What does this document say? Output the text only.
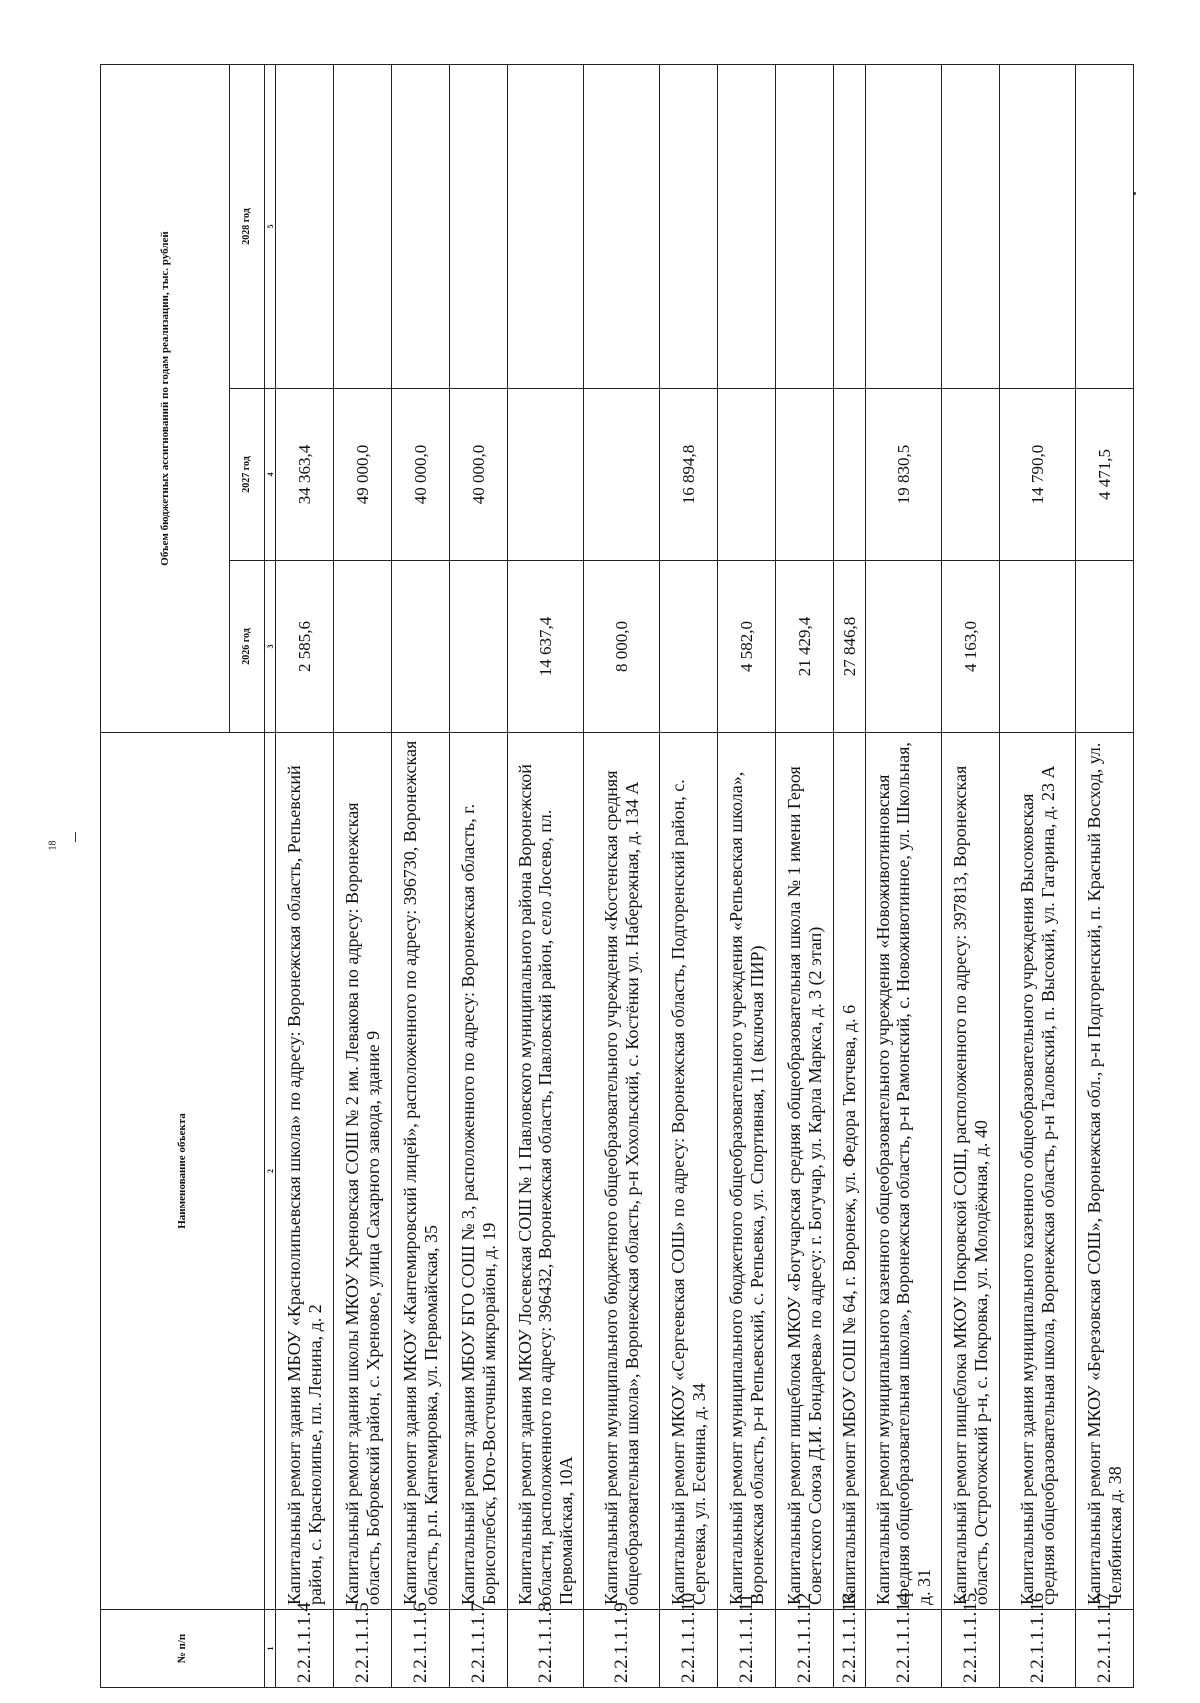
18
№ п/п	Наименование объекта	Объем бюджетных ассигнований по годам реализации, тыс. рублей		
		2026 год	2027 год	2028 год
1	2	3	4	5
2.2.1.1.1.4	Капитальный ремонт здания МБОУ «Краснолипьевская школа» по адресу: Воронежская область, Репьевский район, с. Краснолипье, пл. Ленина, д. 2	2 585,6	34 363,4	
2.2.1.1.1.5	Капитальный ремонт здания школы МКОУ Хреновская СОШ № 2 им. Левакова по адресу: Воронежская область, Бобровский район, с. Хреновое, улица Сахарного завода, здание 9		49 000,0	
2.2.1.1.1.6	Капитальный ремонт здания МКОУ «Кантемировский лицей», расположенного по адресу: 396730, Воронежская область, р.п. Кантемировка, ул. Первомайская, 35		40 000,0	
2.2.1.1.1.7	Капитальный ремонт здания МБОУ БГО СОШ № 3, расположенного по адресу: Воронежская область, г. Борисоглебск, Юго-Восточный микрорайон, д. 19		40 000,0	
2.2.1.1.1.8	Капитальный ремонт здания МКОУ Лосевская СОШ № 1 Павловского муниципального района Воронежской области, расположенного по адресу: 396432, Воронежская область, Павловский район, село Лосево, пл. Первомайская, 10А	14 637,4		
2.2.1.1.1.9	Капитальный ремонт муниципального бюджетного общеобразовательного учреждения «Костенская средняя общеобразовательная школа», Воронежская область, р-н Хохольский, с. Костёнки ул. Набережная, д. 134 А	8 000,0		
2.2.1.1.1.10	Капитальный ремонт МКОУ «Сергеевская СОШ» по адресу: Воронежская область, Подгоренский район, с. Сергеевка, ул. Есенина, д. 34		16 894,8	
2.2.1.1.1.11	Капитальный ремонт муниципального бюджетного общеобразовательного учреждения «Репьевская школа», Воронежская область, р-н Репьевский, с. Репьевка, ул. Спортивная, 11 (включая ПИР)	4 582,0		
2.2.1.1.1.12	Капитальный ремонт пищеблока МКОУ «Богучарская средняя общеобразовательная школа № 1 имени Героя Советского Союза Д.И. Бондарева» по адресу: г. Богучар, ул. Карла Маркса, д. 3 (2 этап)	21 429,4		
2.2.1.1.1.13	Капитальный ремонт МБОУ СОШ № 64, г. Воронеж, ул. Федора Тютчева, д. 6	27 846,8		
2.2.1.1.1.14	Капитальный ремонт муниципального казенного общеобразовательного учреждения «Новоживотинновская средняя общеобразовательная школа», Воронежская область, р-н Рамонский, с. Новоживотинное, ул. Школьная, д. 31		19 830,5	
2.2.1.1.1.15	Капитальный ремонт пищеблока МКОУ Покровской СОШ, расположенного по адресу: 397813, Воронежская область, Острогожский р-н, с. Покровка, ул. Молодёжная, д. 40	4 163,0		
2.2.1.1.1.16	Капитальный ремонт здания муниципального казенного общеобразовательного учреждения Высоковская средняя общеобразовательная школа, Воронежская область, р-н Таловский, п. Высокий, ул. Гагарина, д. 23 А		14 790,0	
2.2.1.1.1.17	Капитальный ремонт МКОУ «Березовская СОШ», Воронежская обл., р-н Подгоренский, п. Красный Восход, ул. Челябинская д. 38		4 471,5	
